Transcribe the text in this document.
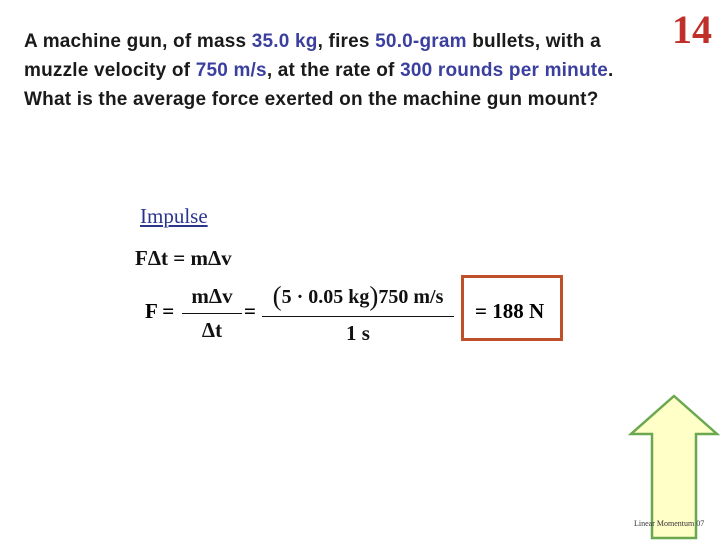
A machine gun, of mass 35.0 kg, fires 50.0-gram bullets, with a muzzle velocity of 750 m/s, at the rate of 300 rounds per minute. What is the average force exerted on the machine gun mount?
14
Impulse
FΔt = mΔv
F =
mΔv
Δt
= (5 · 0.05 kg)750 m/s
1 s
= 188 N
Linear Momentum 07
